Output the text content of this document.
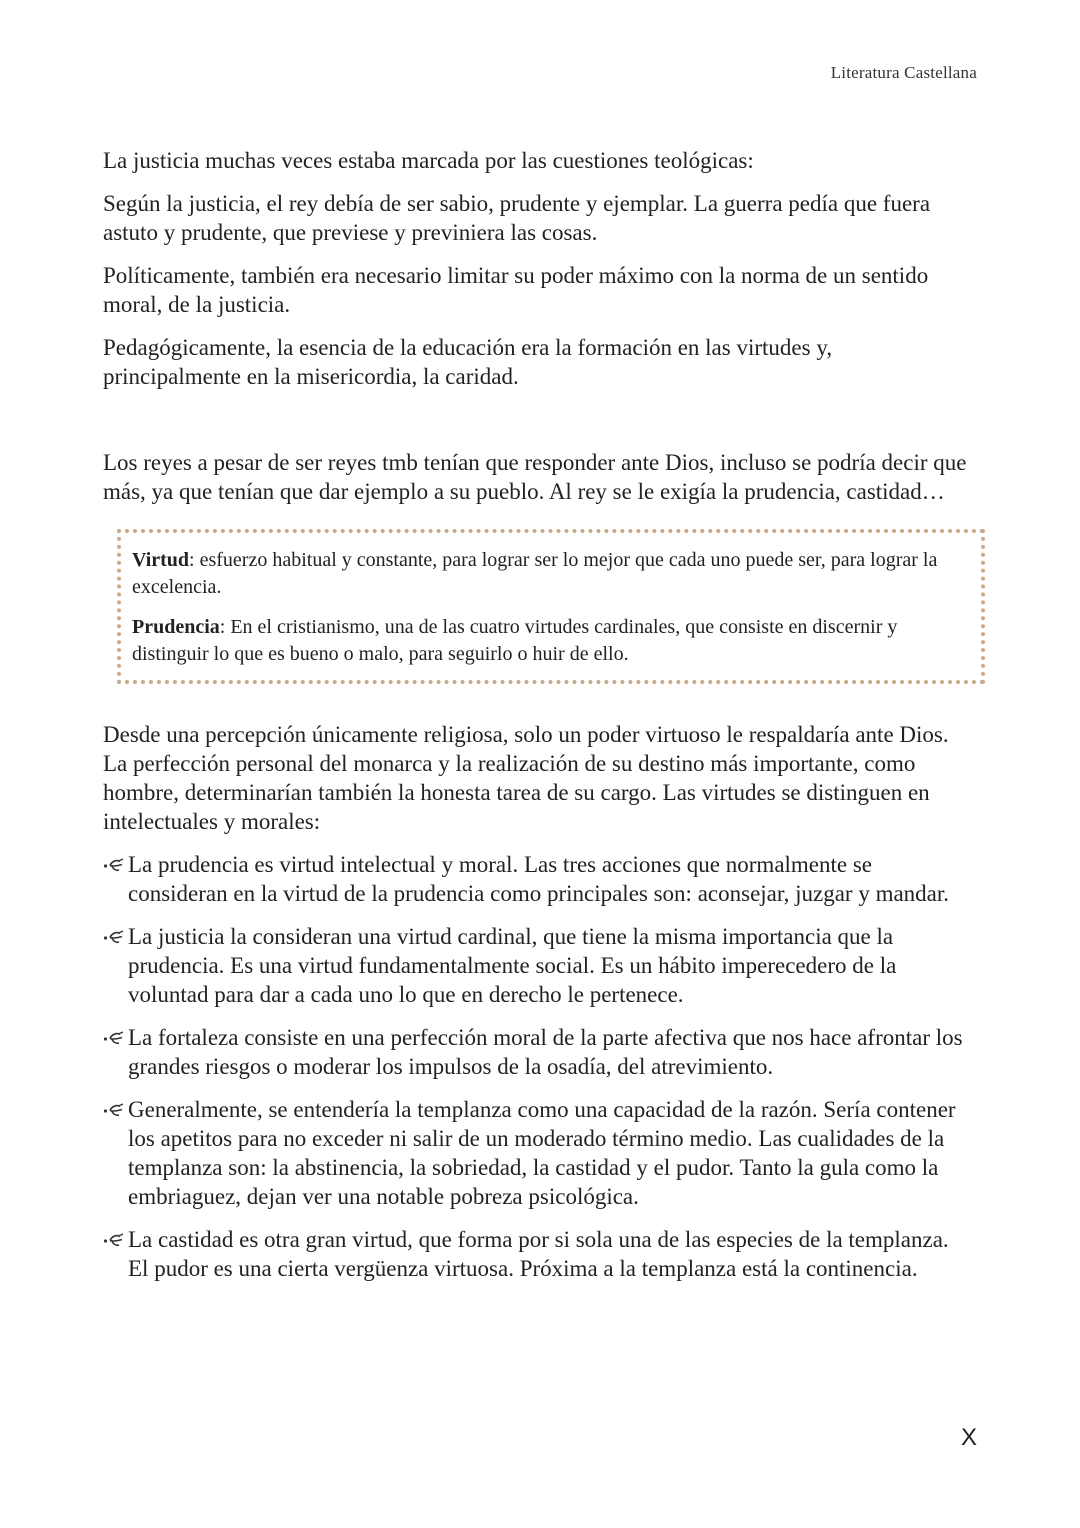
Literatura Castellana

La justicia muchas veces estaba marcada por las cuestiones teológicas:

Según la justicia, el rey debía de ser sabio, prudente y ejemplar. La guerra pedía que fuera astuto y prudente, que previese y previniera las cosas.

Políticamente, también era necesario limitar su poder máximo con la norma de un sentido moral, de la justicia.

Pedagógicamente, la esencia de la educación era la formación en las virtudes y, principalmente en la misericordia, la caridad.

Los reyes a pesar de ser reyes tmb tenían que responder ante Dios, incluso se podría decir que más, ya que tenían que dar ejemplo a su pueblo. Al rey se le exigía la prudencia, castidad…

Virtud: esfuerzo habitual y constante, para lograr ser lo mejor que cada uno puede ser, para lograr la excelencia.

Prudencia: En el cristianismo, una de las cuatro virtudes cardinales, que consiste en discernir y distinguir lo que es bueno o malo, para seguirlo o huir de ello.

Desde una percepción únicamente religiosa, solo un poder virtuoso le respaldaría ante Dios. La perfección personal del monarca y la realización de su destino más importante, como hombre, determinarían también la honesta tarea de su cargo. Las virtudes se distinguen en intelectuales y morales:

La prudencia es virtud intelectual y moral. Las tres acciones que normalmente se consideran en la virtud de la prudencia como principales son: aconsejar, juzgar y mandar.
La justicia la consideran una virtud cardinal, que tiene la misma importancia que la prudencia. Es una virtud fundamentalmente social. Es un hábito imperecedero de la voluntad para dar a cada uno lo que en derecho le pertenece.
La fortaleza consiste en una perfección moral de la parte afectiva que nos hace afrontar los grandes riesgos o moderar los impulsos de la osadía, del atrevimiento.
Generalmente, se entendería la templanza como una capacidad de la razón. Sería contener los apetitos para no exceder ni salir de un moderado término medio. Las cualidades de la templanza son: la abstinencia, la sobriedad, la castidad y el pudor. Tanto la gula como la embriaguez, dejan ver una notable pobreza psicológica.
La castidad es otra gran virtud, que forma por si sola una de las especies de la templanza. El pudor es una cierta vergüenza virtuosa. Próxima a la templanza está la continencia.
X
